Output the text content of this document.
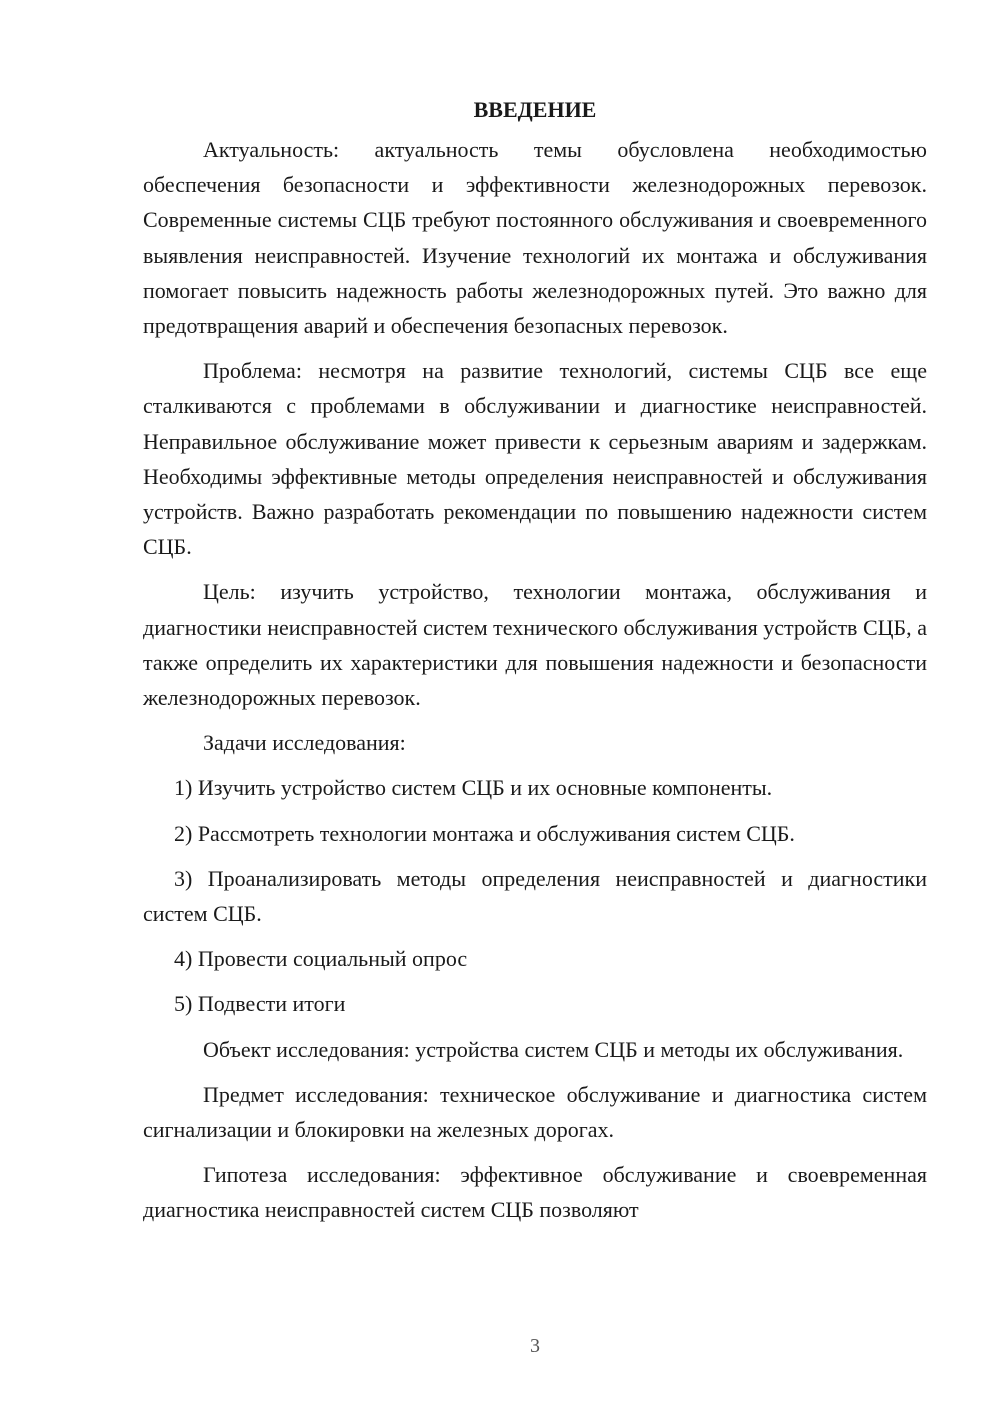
ВВЕДЕНИЕ

Актуальность: актуальность темы обусловлена необходимостью обеспечения безопасности и эффективности железнодорожных перевозок. Современные системы СЦБ требуют постоянного обслуживания и своевременного выявления неисправностей. Изучение технологий их монтажа и обслуживания помогает повысить надежность работы железнодорожных путей. Это важно для предотвращения аварий и обеспечения безопасных перевозок.

Проблема: несмотря на развитие технологий, системы СЦБ все еще сталкиваются с проблемами в обслуживании и диагностике неисправностей. Неправильное обслуживание может привести к серьезным авариям и задержкам. Необходимы эффективные методы определения неисправностей и обслуживания устройств. Важно разработать рекомендации по повышению надежности систем СЦБ.

Цель: изучить устройство, технологии монтажа, обслуживания и диагностики неисправностей систем технического обслуживания устройств СЦБ, а также определить их характеристики для повышения надежности и безопасности железнодорожных перевозок.

Задачи исследования:

1) Изучить устройство систем СЦБ и их основные компоненты.

2) Рассмотреть технологии монтажа и обслуживания систем СЦБ.

3) Проанализировать методы определения неисправностей и диагностики систем СЦБ.

4) Провести социальный опрос

5) Подвести итоги

Объект исследования: устройства систем СЦБ и методы их обслуживания.

Предмет исследования: техническое обслуживание и диагностика систем сигнализации и блокировки на железных дорогах.

Гипотеза исследования: эффективное обслуживание и своевременная диагностика неисправностей систем СЦБ позволяют

3
